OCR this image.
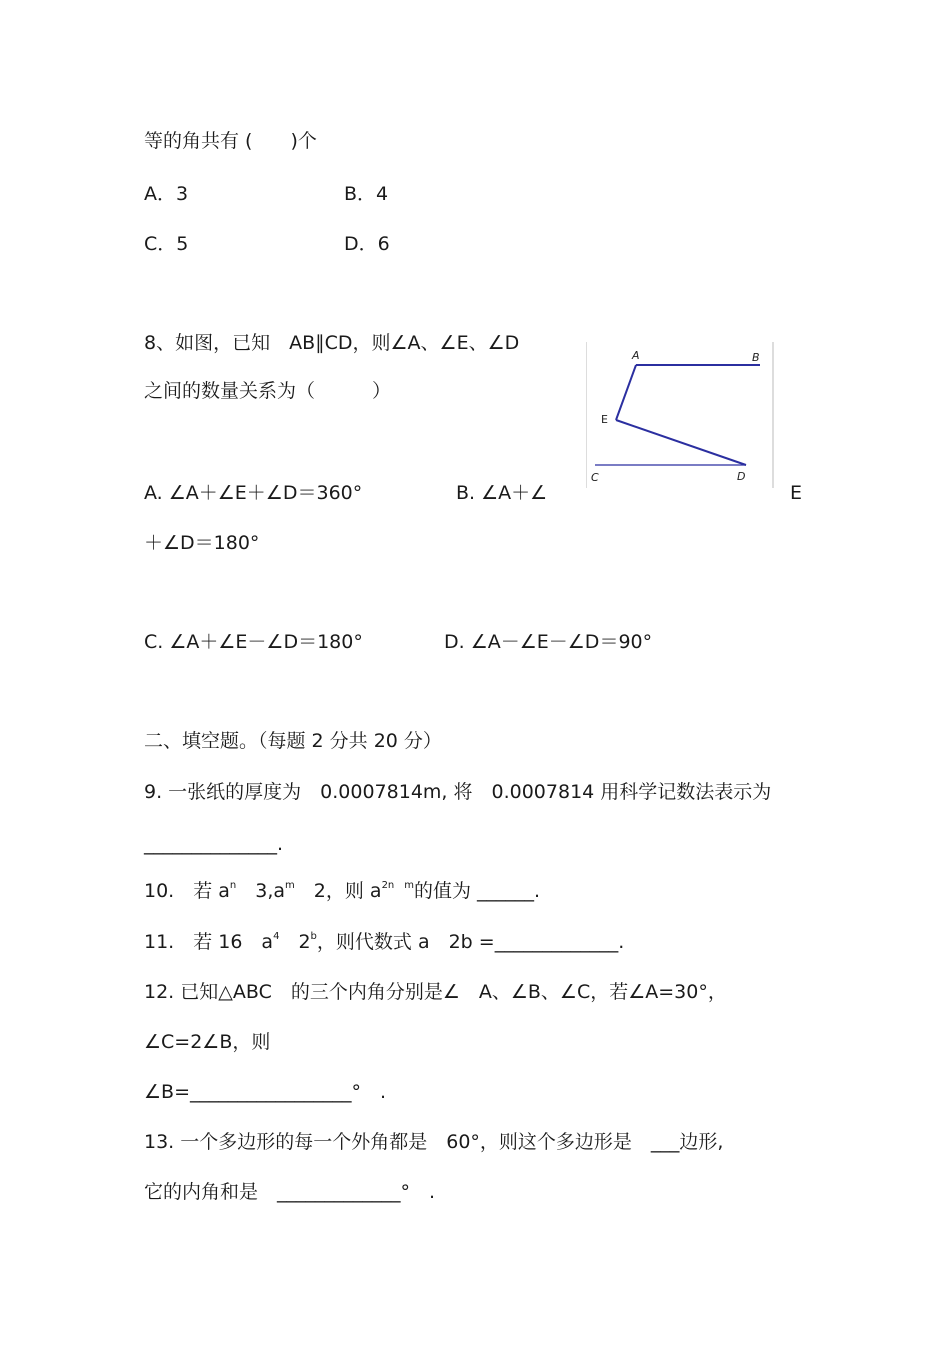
等的角共有 (　　)个
A．3	B．4
C．5	D．6
8、如图，已知　AB∥CD，则∠A、∠E、∠D
之间的数量关系为（　　　）
A	B
E
C	D
A. ∠A＋∠E＋∠D＝360°	B. ∠A＋∠	E
＋∠D＝180°
C. ∠A＋∠E－∠D＝180°	D. ∠A－∠E－∠D＝90°
二、填空题。（每题 2 分共 20 分）
9. 一张纸的厚度为　0.0007814m, 将　0.0007814 用科学记数法表示为
______________.
10.　若 $a^n$　$3,a^m$　2，则 $a^{2n m}$的值为 ______.
11.　若 16　$a^4$　2$^b$，则代数式 a　2b =_____________.
12. 已知△ABC　的三个内角分别是∠　A、∠B、∠C，若∠A=30°，
∠C=2∠B，则
∠B=_________________°　.
13. 一个多边形的每一个外角都是　60°，则这个多边形是　___边形,
它的内角和是　_____________°　.
